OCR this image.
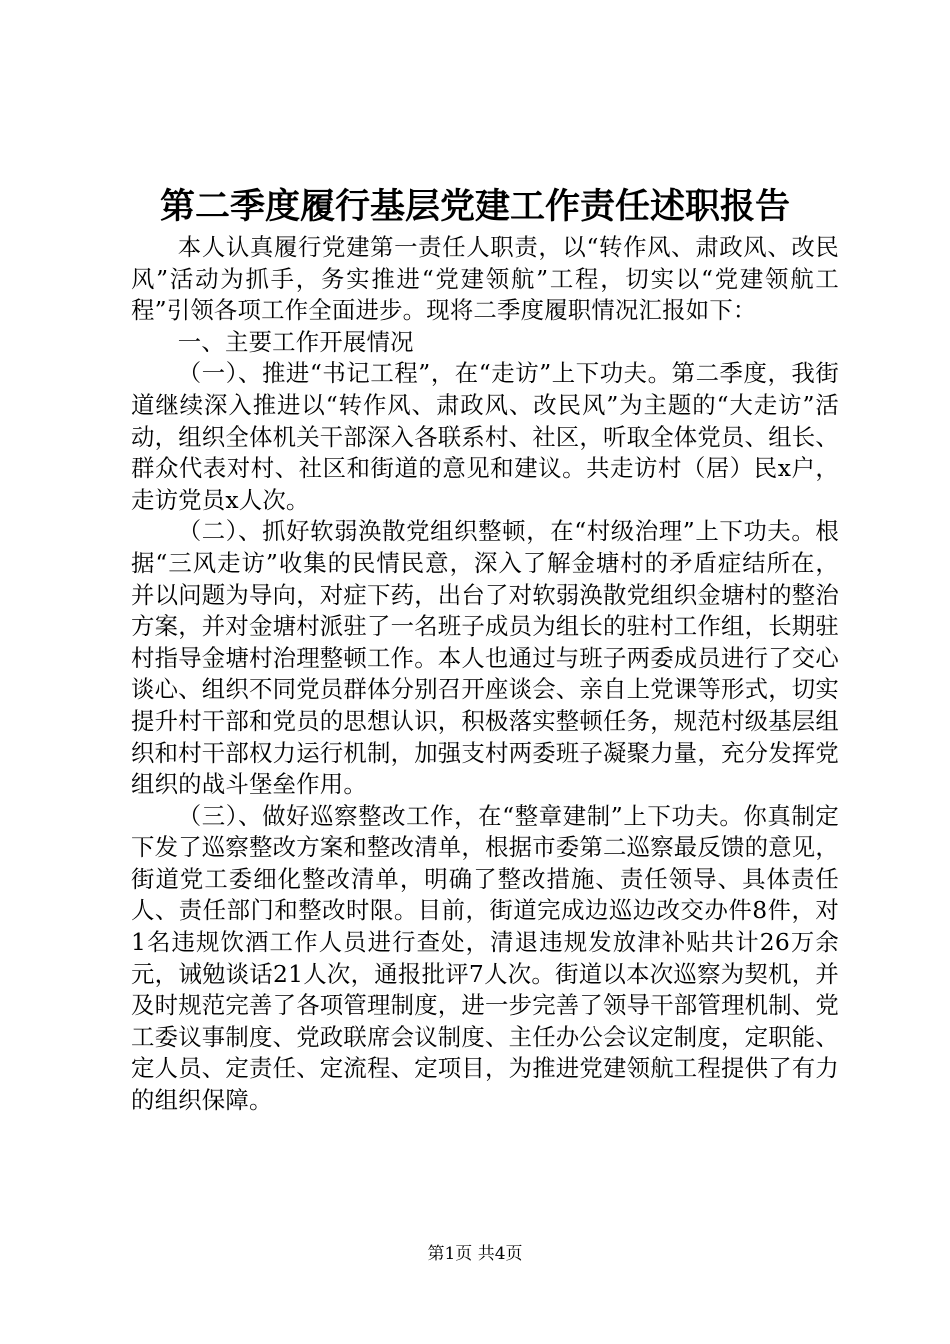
第二季度履行基层党建工作责任述职报告

本人认真履行党建第一责任人职责，以“转作风、肃政风、改民风”活动为抓手，务实推进“党建领航”工程，切实以“党建领航工程”引领各项工作全面进步。现将二季度履职情况汇报如下：

一、主要工作开展情况

（一）、推进“书记工程”，在“走访”上下功夫。第二季度，我街道继续深入推进以“转作风、肃政风、改民风”为主题的“大走访”活动，组织全体机关干部深入各联系村、社区，听取全体党员、组长、群众代表对村、社区和街道的意见和建议。共走访村（居）民x户，走访党员x人次。

（二）、抓好软弱涣散党组织整顿，在“村级治理”上下功夫。根据“三风走访”收集的民情民意，深入了解金塘村的矛盾症结所在，并以问题为导向，对症下药，出台了对软弱涣散党组织金塘村的整治方案，并对金塘村派驻了一名班子成员为组长的驻村工作组，长期驻村指导金塘村治理整顿工作。本人也通过与班子两委成员进行了交心谈心、组织不同党员群体分别召开座谈会、亲自上党课等形式，切实提升村干部和党员的思想认识，积极落实整顿任务，规范村级基层组织和村干部权力运行机制，加强支村两委班子凝聚力量，充分发挥党组织的战斗堡垒作用。

（三）、做好巡察整改工作，在“整章建制”上下功夫。你真制定下发了巡察整改方案和整改清单，根据市委第二巡察最反馈的意见，街道党工委细化整改清单，明确了整改措施、责任领导、具体责任人、责任部门和整改时限。目前，街道完成边巡边改交办件8件，对1名违规饮酒工作人员进行查处，清退违规发放津补贴共计26万余元，诫勉谈话21人次，通报批评7人次。街道以本次巡察为契机，并及时规范完善了各项管理制度，进一步完善了领导干部管理机制、党工委议事制度、党政联席会议制度、主任办公会议定制度，定职能、定人员、定责任、定流程、定项目，为推进党建领航工程提供了有力的组织保障。

第1页 共4页
